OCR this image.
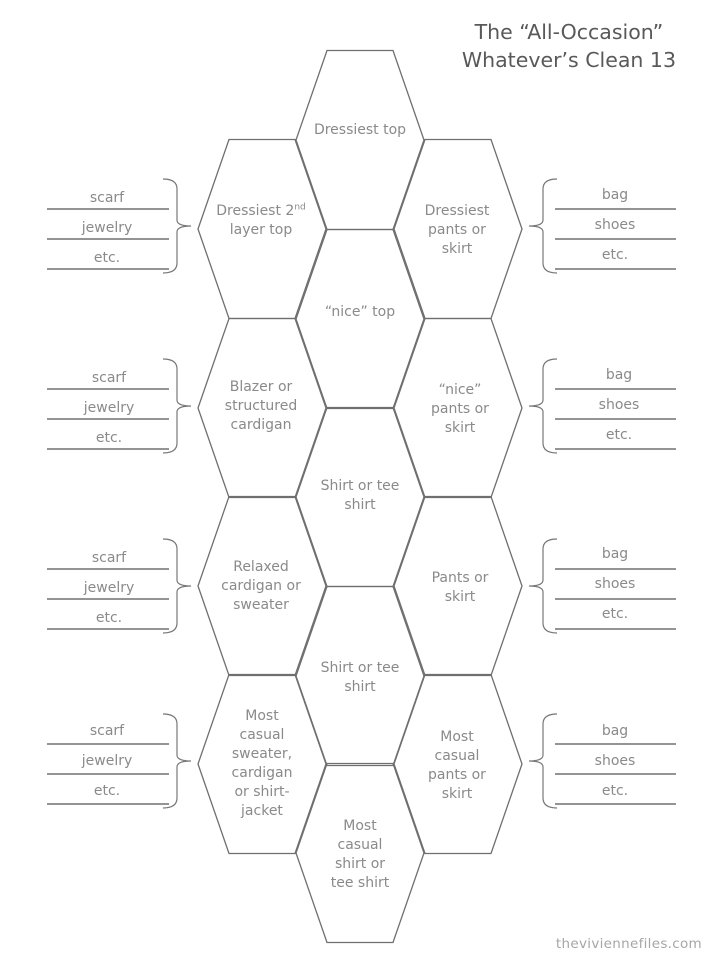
The “All-Occasion”
Whatever’s Clean 13
Dressiest top
Dressiest 2nd layer top
Dressiest pants or skirt
“nice” top
Blazer or structured cardigan
“nice” pants or skirt
Shirt or tee shirt
Relaxed cardigan or sweater
Pants or skirt
Shirt or tee shirt
Most casual sweater, cardigan or shirt- jacket
Most casual pants or skirt
Most casual shirt or tee shirt
scarf
jewelry
etc.
scarf
jewelry
etc.
scarf
jewelry
etc.
scarf
jewelry
etc.
bag
shoes
etc.
bag
shoes
etc.
bag
shoes
etc.
bag
shoes
etc.
theviviennefiles.com
